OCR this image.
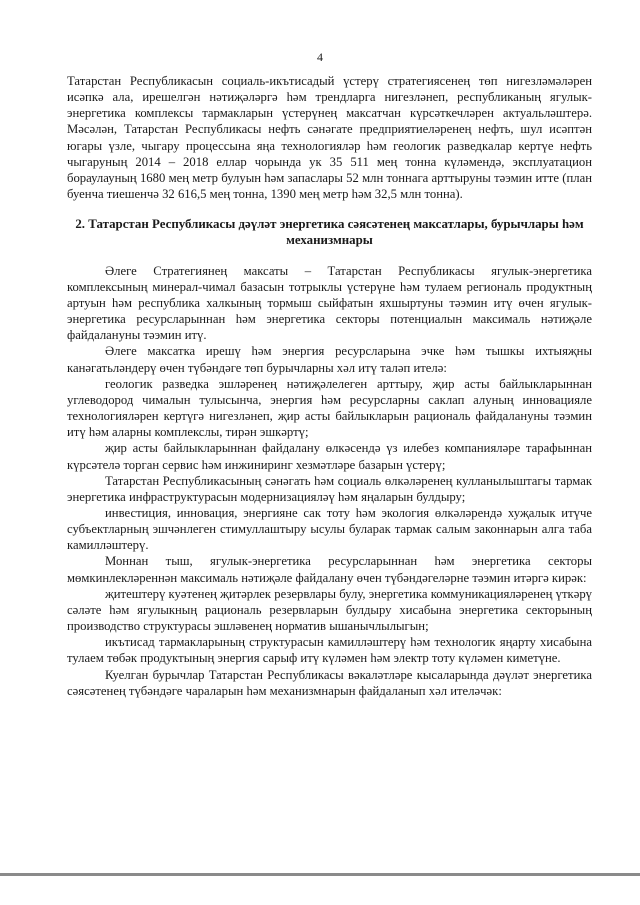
4

Татарстан Республикасын социаль-икътисадый үстерү стратегиясенең төп нигезләмәләрен исәпкә ала, ирешелгән нәтиҗәләргә һәм трендларга нигезләнеп, республиканың ягулык-энергетика комплексы тармакларын үстерүнең максатчан күрсәткечләрен актуальләштерә. Мәсәлән, Татарстан Республикасы нефть сәнәгате предприятиеләренең нефть, шул исәптән югары үзле, чыгару процессына яңа технологияләр һәм геологик разведкалар кертүе нефть чыгаруның 2014 – 2018 еллар чорында ук 35 511 мең тонна күләмендә, эксплуатацион бораулауның 1680 мең метр булуын һәм запаслары 52 млн тоннага арттыруны тәэмин итте (план буенча тиешенчә 32 616,5 мең тонна, 1390 мең метр һәм 32,5 млн тонна).

2. Татарстан Республикасы дәүләт энергетика сәясәтенең максатлары, бурычлары һәм механизмнары

Әлеге Стратегиянең максаты – Татарстан Республикасы ягулык-энергетика комплексының минерал-чимал базасын тотрыклы үстерүне һәм тулаем региональ продуктның артуын һәм республика халкының тормыш сыйфатын яхшыртуны тәэмин итү өчен ягулык-энергетика ресурсларыннан һәм энергетика секторы потенциалын максималь нәтиҗәле файдалануны тәэмин итү.

Әлеге максатка ирешү һәм энергия ресурсларына эчке һәм тышкы ихтыяҗны канәгатьләндерү өчен түбәндәге төп бурычларны хәл итү таләп ителә:

геологик разведка эшләренең нәтиҗәлелеген арттыру, җир асты байлыкларыннан углеводород чималын тулысынча, энергия һәм ресурсларны саклап алуның инновацияле технологияләрен кертүгә нигезләнеп, җир асты байлыкларын рациональ файдалануны тәэмин итү һәм аларны комплекслы, тирән эшкәртү;

җир асты байлыкларыннан файдалану өлкәсендә үз илебез компанияләре тарафыннан күрсәтелә торган сервис һәм инжиниринг хезмәтләре базарын үстерү;

Татарстан Республикасының сәнәгать һәм социаль өлкәләренең кулланылыштагы тармак энергетика инфраструктурасын модернизацияләү һәм яңаларын булдыру;

инвестиция, инновация, энергияне сак тоту һәм экология өлкәләрендә хуҗалык итүче субъектларның эшчәнлеген стимуллаштыру ысулы буларак тармак салым законнарын алга таба камилләштерү.

Моннан тыш, ягулык-энергетика ресурсларыннан һәм энергетика секторы мөмкинлекләреннән максималь нәтиҗәле файдалану өчен түбәндәгеләрне тәэмин итәргә кирәк:

җитештерү куәтенең җитәрлек резервлары булу, энергетика коммуникацияләренең үткәрү сәләте һәм ягулыкның рациональ резервларын булдыру хисабына энергетика секторының производство структурасы эшләвенең норматив ышанычлылыгын;

икътисад тармакларының структурасын камилләштерү һәм технологик яңарту хисабына тулаем төбәк продуктының энергия сарыф итү күләмен һәм электр тоту күләмен киметүне.

Куелган бурычлар Татарстан Республикасы вәкаләтләре кысаларында дәүләт энергетика сәясәтенең түбәндәге чараларын һәм механизмнарын файдаланып хәл ителәчәк:
